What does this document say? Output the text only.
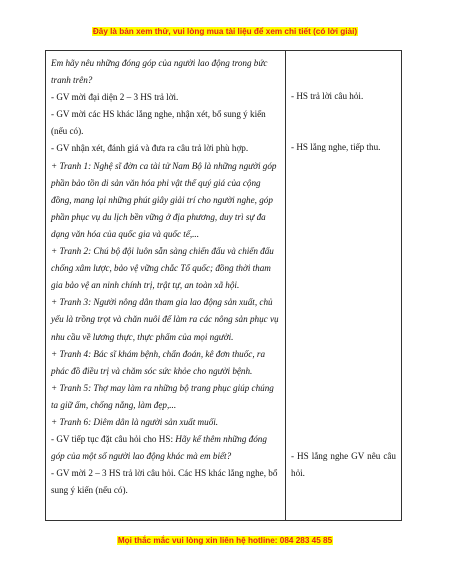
Đây là bản xem thử, vui lòng mua tài liệu để xem chi tiết (có lời giải)

Em hãy nêu những đóng góp của người lao động trong bức tranh trên?

- GV mời đại diện 2 – 3 HS trả lời.

- GV mời các HS khác lắng nghe, nhận xét, bổ sung ý kiến (nếu có).

- GV nhận xét, đánh giá và đưa ra câu trả lời phù hợp.

+ Tranh 1: Nghệ sĩ đờn ca tài tử Nam Bộ là những người góp phần bảo tồn di sản văn hóa phi vật thể quý giá của cộng đồng, mang lại những phút giây giải trí cho người nghe, góp phần phục vụ du lịch bền vững ở địa phương, duy trì sự đa dạng văn hóa của quốc gia và quốc tế,...

+ Tranh 2: Chú bộ đội luôn sẵn sàng chiến đấu và chiến đấu chống xâm lược, bảo vệ vững chắc Tổ quốc; đồng thời tham gia bảo vệ an ninh chính trị, trật tự, an toàn xã hội.

+ Tranh 3: Người nông dân tham gia lao động sản xuất, chủ yếu là trồng trọt và chăn nuôi để làm ra các nông sản phục vụ nhu cầu về lương thực, thực phẩm của mọi người.

+ Tranh 4: Bác sĩ khám bệnh, chẩn đoán, kê đơn thuốc, ra phác đồ điều trị và chăm sóc sức khỏe cho người bệnh.

+ Tranh 5: Thợ may làm ra những bộ trang phục giúp chúng ta giữ ấm, chống nắng, làm đẹp,...

+ Tranh 6: Diêm dân là người sản xuất muối.

- GV tiếp tục đặt câu hỏi cho HS: Hãy kể thêm những đóng góp của một số người lao động khác mà em biết?

- GV mời 2 – 3 HS trả lời câu hỏi. Các HS khác lắng nghe, bổ sung ý kiến (nếu có).

- HS trả lời câu hỏi.
- HS lắng nghe, tiếp thu.
- HS lắng nghe GV nêu câu hỏi.
Mọi thắc mắc vui lòng xin liên hệ hotline: 084 283 45 85
